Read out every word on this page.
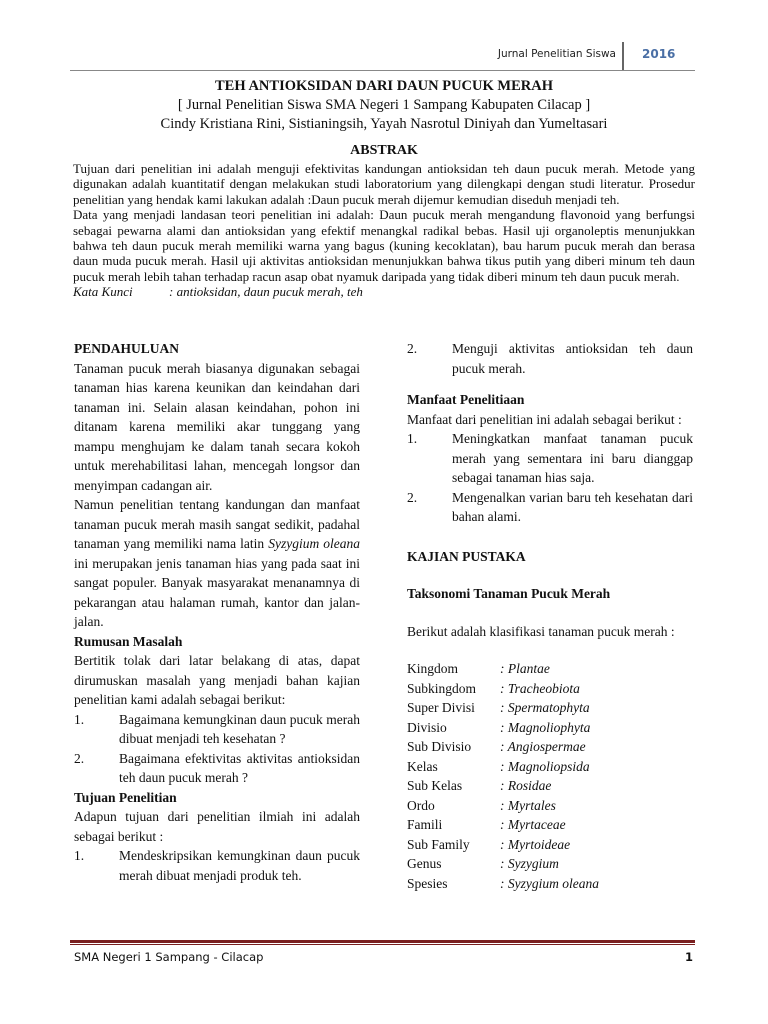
Jurnal Penelitian Siswa 2016
TEH ANTIOKSIDAN DARI DAUN PUCUK MERAH
[ Jurnal Penelitian Siswa SMA Negeri 1 Sampang Kabupaten Cilacap ]
Cindy Kristiana Rini, Sistianingsih, Yayah Nasrotul Diniyah dan Yumeltasari
ABSTRAK

Tujuan dari penelitian ini adalah menguji efektivitas kandungan antioksidan teh daun pucuk merah. Metode yang digunakan adalah kuantitatif dengan melakukan studi laboratorium yang dilengkapi dengan studi literatur. Prosedur penelitian yang hendak kami lakukan adalah :Daun pucuk merah dijemur kemudian diseduh menjadi teh.

Data yang menjadi landasan teori penelitian ini adalah: Daun pucuk merah mengandung flavonoid yang berfungsi sebagai pewarna alami dan antioksidan yang efektif menangkal radikal bebas. Hasil uji organoleptis menunjukkan bahwa teh daun pucuk merah memiliki warna yang bagus (kuning kecoklatan), bau harum pucuk merah dan berasa daun muda pucuk merah. Hasil uji aktivitas antioksidan menunjukkan bahwa tikus putih yang diberi minum teh daun pucuk merah lebih tahan terhadap racun asap obat nyamuk daripada yang tidak diberi minum teh daun pucuk merah.

Kata Kunci	: antioksidan, daun pucuk merah, teh
PENDAHULUAN

Tanaman pucuk merah biasanya digunakan sebagai tanaman hias karena keunikan dan keindahan dari tanaman ini. Selain alasan keindahan, pohon ini ditanam karena memiliki akar tunggang yang mampu menghujam ke dalam tanah secara kokoh untuk merehabilitasi lahan, mencegah longsor dan menyimpan cadangan air.

Namun penelitian tentang kandungan dan manfaat tanaman pucuk merah masih sangat sedikit, padahal tanaman yang memiliki nama latin Syzygium oleana ini merupakan jenis tanaman hias yang pada saat ini sangat populer. Banyak masyarakat menanamnya di pekarangan atau halaman rumah, kantor dan jalan-jalan.

Rumusan Masalah

Bertitik tolak dari latar belakang di atas, dapat dirumuskan masalah yang menjadi bahan kajian penelitian kami adalah sebagai berikut:

1.	Bagaimana kemungkinan daun pucuk merah dibuat menjadi teh kesehatan ?
2.	Bagaimana efektivitas aktivitas antioksidan teh daun pucuk merah ?
Tujuan Penelitian

Adapun tujuan dari penelitian ilmiah ini adalah sebagai berikut :

1.	Mendeskripsikan kemungkinan daun pucuk merah dibuat menjadi produk teh.
2.	Menguji aktivitas antioksidan teh daun pucuk merah.
Manfaat Penelitiaan

Manfaat dari penelitian ini adalah sebagai berikut :

1.	Meningkatkan manfaat tanaman pucuk merah yang sementara ini baru dianggap sebagai tanaman hias saja.
2.	Mengenalkan varian baru teh kesehatan dari bahan alami.
KAJIAN PUSTAKA
Taksonomi Tanaman Pucuk Merah

Berikut adalah klasifikasi tanaman pucuk merah :

Kingdom	: Plantae
Subkingdom	: Tracheobiota
Super Divisi	: Spermatophyta
Divisio	: Magnoliophyta
Sub Divisio	: Angiospermae
Kelas	: Magnoliopsida
Sub Kelas	: Rosidae
Ordo	: Myrtales
Famili	: Myrtaceae
Sub Family	: Myrtoideae
Genus	: Syzygium
Spesies	: Syzygium oleana
SMA Negeri 1 Sampang - Cilacap	1
